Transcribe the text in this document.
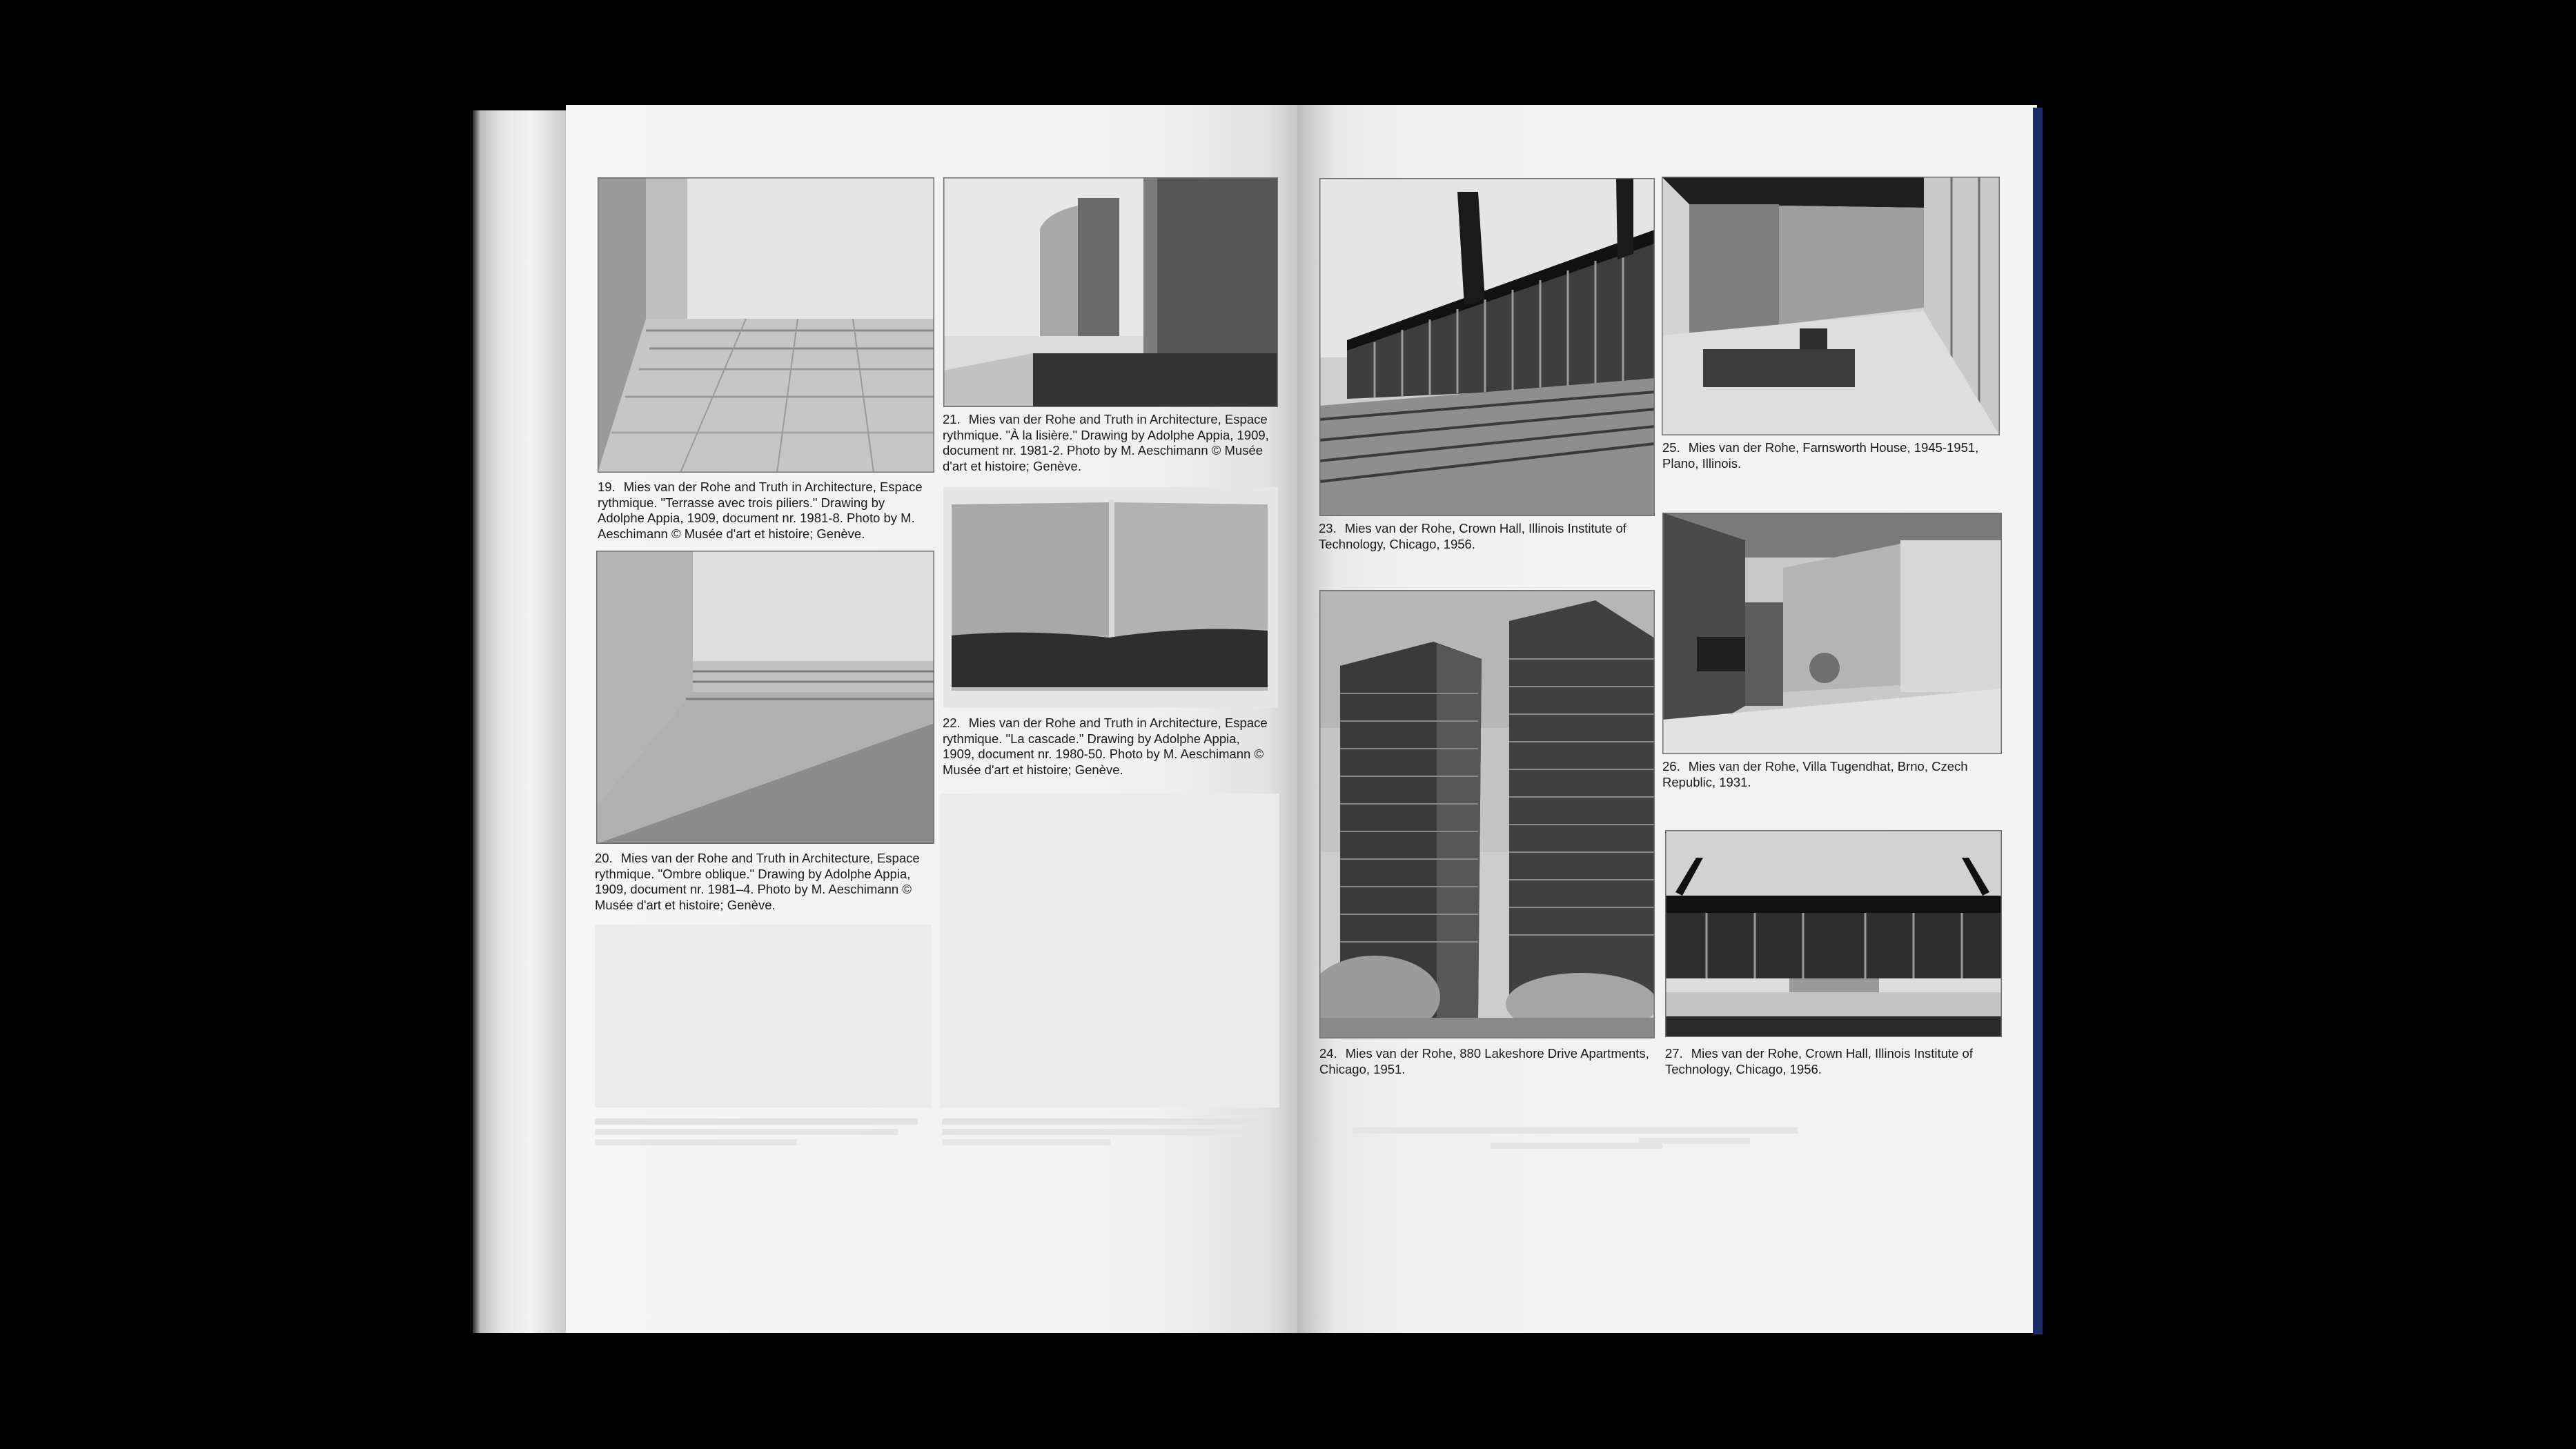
19. Mies van der Rohe and Truth in Architecture, Espace rythmique. "Terrasse avec trois piliers." Drawing by Adolphe Appia, 1909, document nr. 1981-8. Photo by M. Aeschimann © Musée d'art et histoire; Genève.
20. Mies van der Rohe and Truth in Architecture, Espace rythmique. "Ombre oblique." Drawing by Adolphe Appia, 1909, document nr. 1981–4. Photo by M. Aeschimann © Musée d'art et histoire; Genève.
21. Mies van der Rohe and Truth in Architecture, Espace rythmique. "À la lisière." Drawing by Adolphe Appia, 1909, document nr. 1981-2. Photo by M. Aeschimann © Musée d'art et histoire; Genève.
22. Mies van der Rohe and Truth in Architecture, Espace rythmique. "La cascade." Drawing by Adolphe Appia, 1909, document nr. 1980-50. Photo by M. Aeschimann © Musée d'art et histoire; Genève.
23. Mies van der Rohe, Crown Hall, Illinois Institute of Technology, Chicago, 1956.
24. Mies van der Rohe, 880 Lakeshore Drive Apartments, Chicago, 1951.
25. Mies van der Rohe, Farnsworth House, 1945-1951, Plano, Illinois.
26. Mies van der Rohe, Villa Tugendhat, Brno, Czech Republic, 1931.
27. Mies van der Rohe, Crown Hall, Illinois Institute of Technology, Chicago, 1956.
